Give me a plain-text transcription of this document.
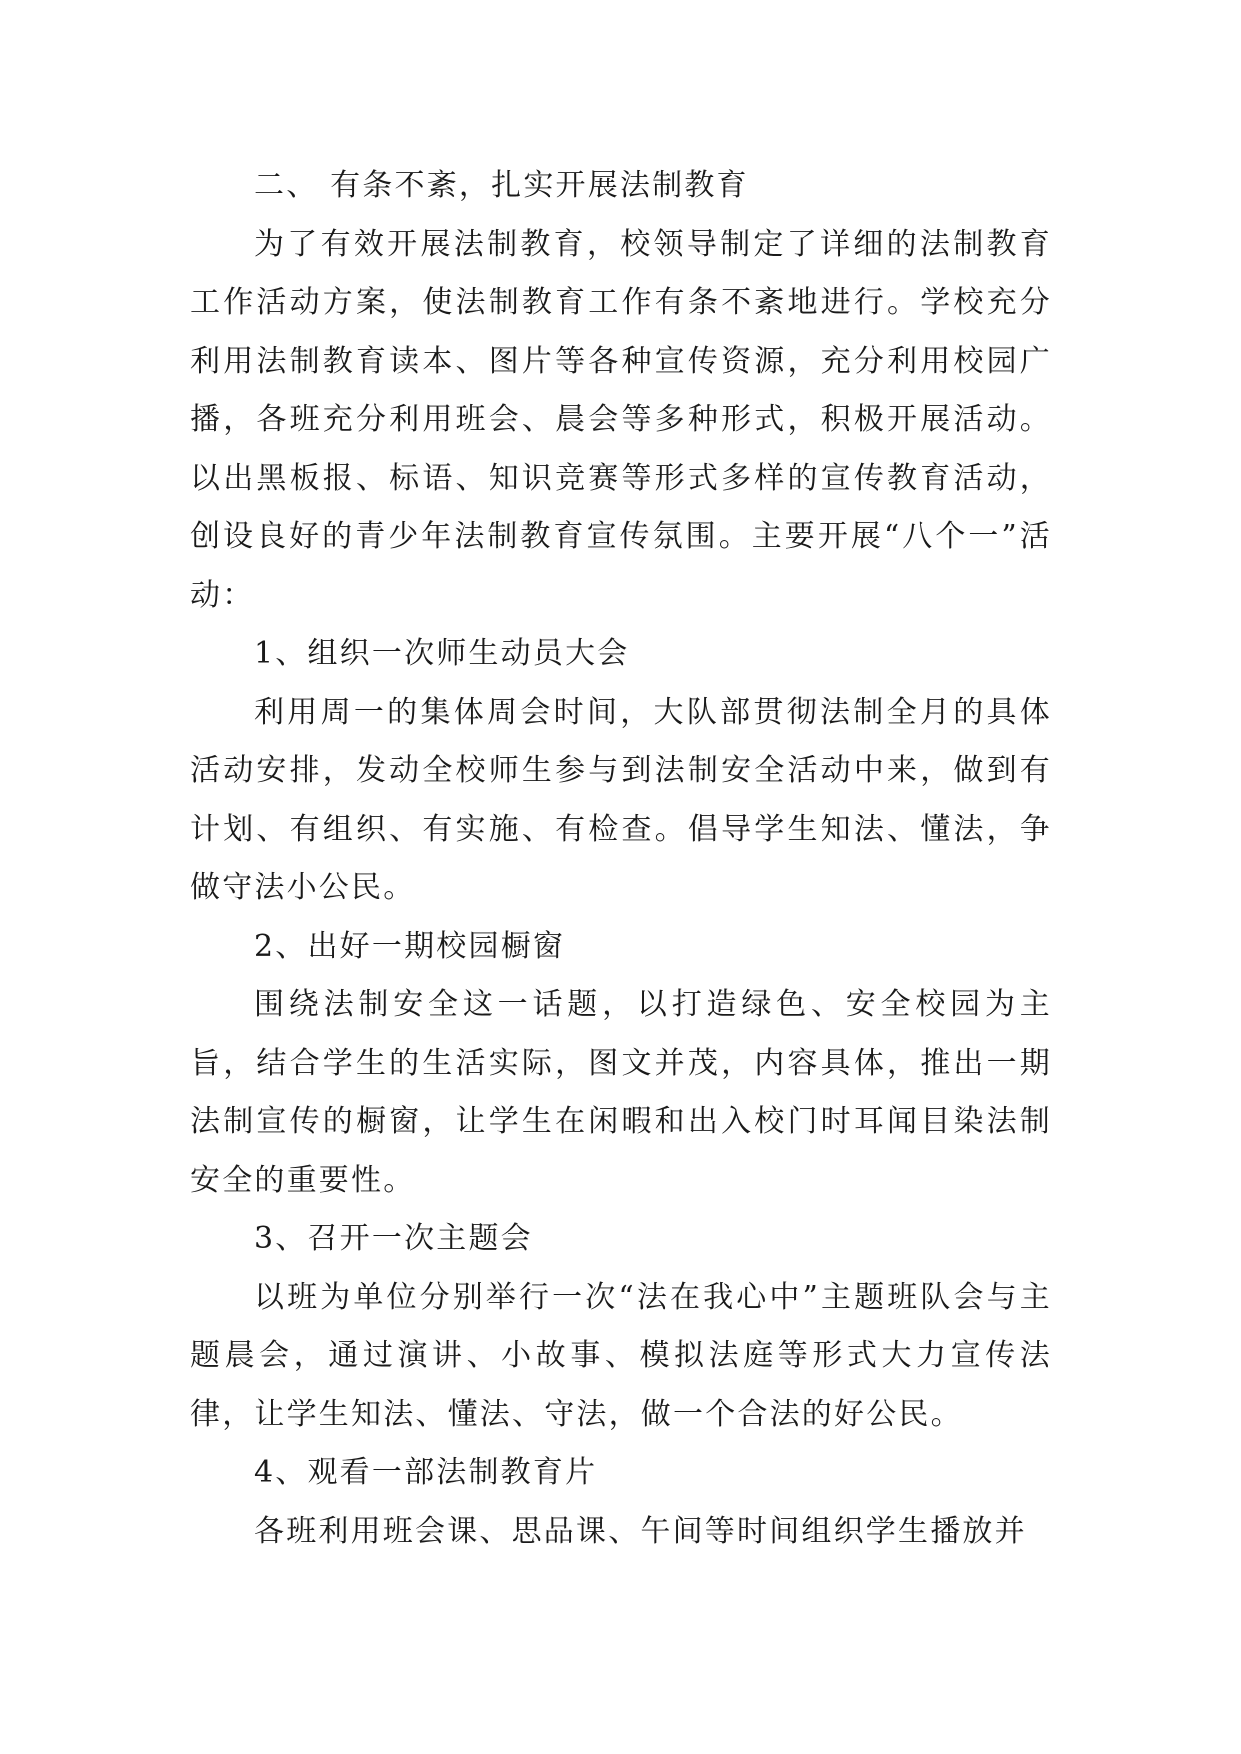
二、 有条不紊，扎实开展法制教育

为了有效开展法制教育，校领导制定了详细的法制教育工作活动方案，使法制教育工作有条不紊地进行。学校充分利用法制教育读本、图片等各种宣传资源，充分利用校园广播，各班充分利用班会、晨会等多种形式，积极开展活动。以出黑板报、标语、知识竞赛等形式多样的宣传教育活动，创设良好的青少年法制教育宣传氛围。主要开展“八个一”活动：

1、组织一次师生动员大会

利用周一的集体周会时间，大队部贯彻法制全月的具体活动安排，发动全校师生参与到法制安全活动中来，做到有计划、有组织、有实施、有检查。倡导学生知法、懂法，争做守法小公民。

2、出好一期校园橱窗

围绕法制安全这一话题，以打造绿色、安全校园为主旨，结合学生的生活实际，图文并茂，内容具体，推出一期法制宣传的橱窗，让学生在闲暇和出入校门时耳闻目染法制安全的重要性。

3、召开一次主题会

以班为单位分别举行一次“法在我心中”主题班队会与主题晨会，通过演讲、小故事、模拟法庭等形式大力宣传法律，让学生知法、懂法、守法，做一个合法的好公民。

4、观看一部法制教育片

各班利用班会课、思品课、午间等时间组织学生播放并
